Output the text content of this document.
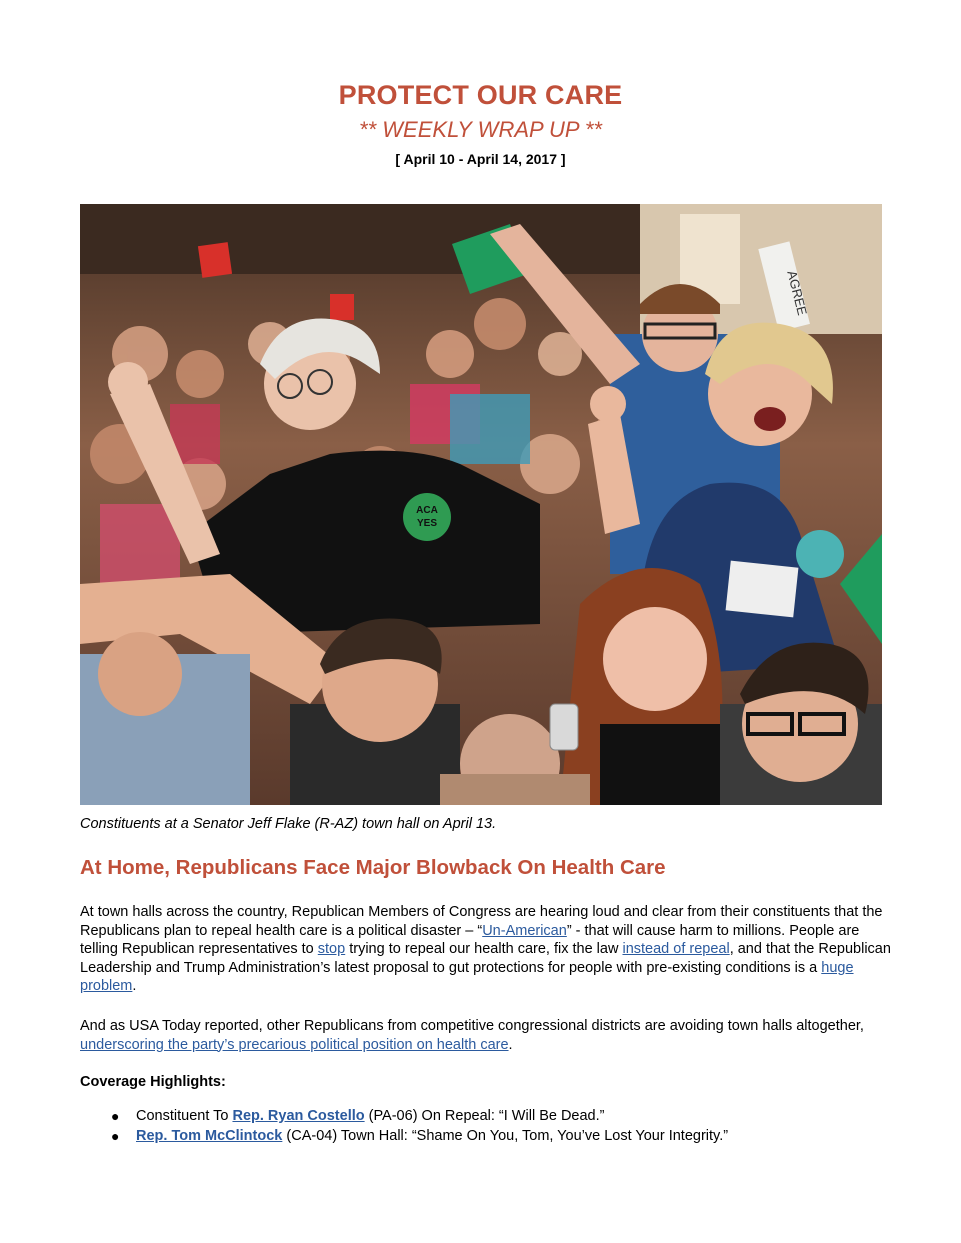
PROTECT OUR CARE
** WEEKLY WRAP UP **
[ April 10 - April 14, 2017 ]
AGREE
ACA
YES
Constituents at a Senator Jeff Flake (R-AZ) town hall on April 13.
At Home, Republicans Face Major Blowback On Health Care
At town halls across the country, Republican Members of Congress are hearing loud and clear from their constituents that the Republicans plan to repeal health care is a political disaster – “Un-American” - that will cause harm to millions. People are telling Republican representatives to stop trying to repeal our health care, fix the law instead of repeal, and that the Republican Leadership and Trump Administration’s latest proposal to gut protections for people with pre-existing conditions is a huge problem.
And as USA Today reported, other Republicans from competitive congressional districts are avoiding town halls altogether, underscoring the party’s precarious political position on health care.
Coverage Highlights:
● Constituent To Rep. Ryan Costello (PA-06) On Repeal: “I Will Be Dead.”
● Rep. Tom McClintock (CA-04) Town Hall: “Shame On You, Tom, You’ve Lost Your Integrity.”
